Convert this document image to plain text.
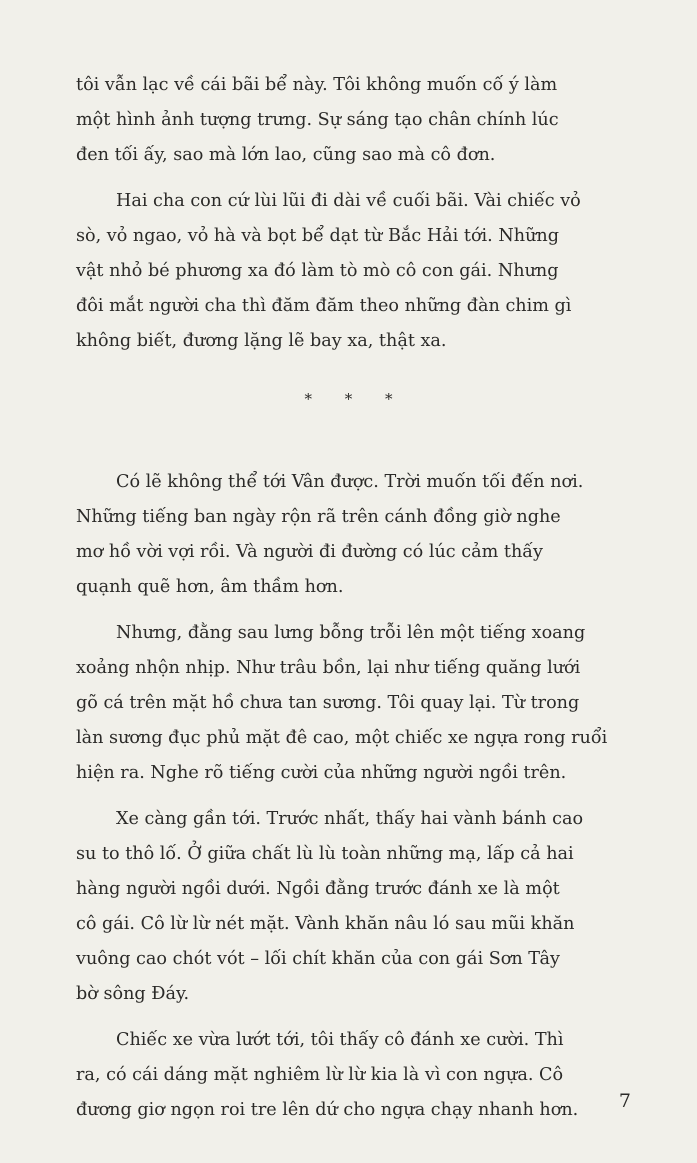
tôi vẫn lạc về cái bãi bể này. Tôi không muốn cố ý làm
một hình ảnh tượng trưng. Sự sáng tạo chân chính lúc
đen tối ấy, sao mà lớn lao, cũng sao mà cô đơn.

Hai cha con cứ lùi lũi đi dài về cuối bãi. Vài chiếc vỏ
sò, vỏ ngao, vỏ hà và bọt bể dạt từ Bắc Hải tới. Những
vật nhỏ bé phương xa đó làm tò mò cô con gái. Nhưng
đôi mắt người cha thì đăm đăm theo những đàn chim gì
không biết, đương lặng lẽ bay xa, thật xa.

* * *

Có lẽ không thể tới Vân được. Trời muốn tối đến nơi.
Những tiếng ban ngày rộn rã trên cánh đồng giờ nghe
mơ hồ vời vợi rồi. Và người đi đường có lúc cảm thấy
quạnh quẽ hơn, âm thầm hơn.

Nhưng, đằng sau lưng bỗng trỗi lên một tiếng xoang
xoảng nhộn nhịp. Như trâu bồn, lại như tiếng quăng lưới
gõ cá trên mặt hồ chưa tan sương. Tôi quay lại. Từ trong
làn sương đục phủ mặt đê cao, một chiếc xe ngựa rong ruổi
hiện ra. Nghe rõ tiếng cười của những người ngồi trên.

Xe càng gần tới. Trước nhất, thấy hai vành bánh cao
su to thô lố. Ở giữa chất lù lù toàn những mạ, lấp cả hai
hàng người ngồi dưới. Ngồi đằng trước đánh xe là một
cô gái. Cô lừ lừ nét mặt. Vành khăn nâu ló sau mũi khăn
vuông cao chót vót – lối chít khăn của con gái Sơn Tây
bờ sông Đáy.

Chiếc xe vừa lướt tới, tôi thấy cô đánh xe cười. Thì
ra, có cái dáng mặt nghiêm lừ lừ kia là vì con ngựa. Cô
đương giơ ngọn roi tre lên dứ cho ngựa chạy nhanh hơn.	7
